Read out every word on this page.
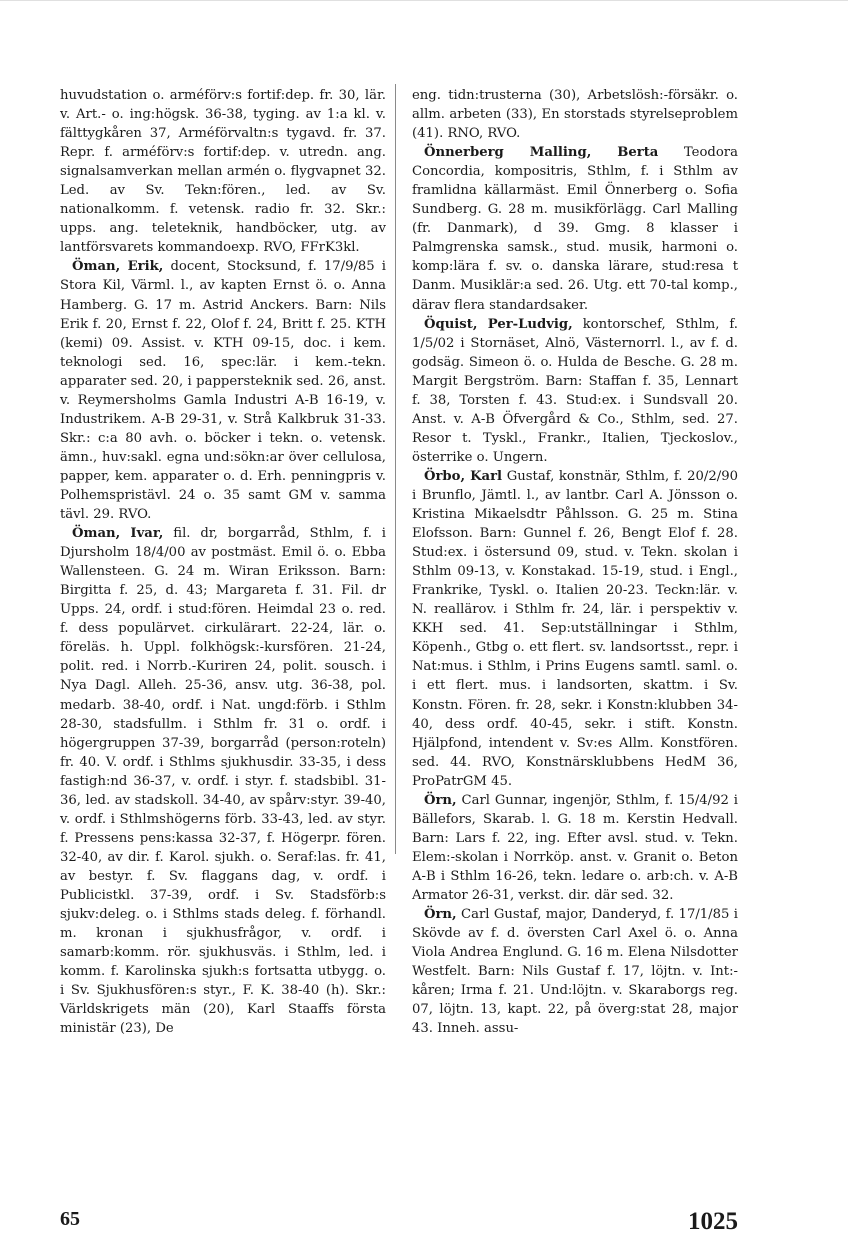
huvudstation o. arméförv:s fortif:dep. fr. 30, lär. v. Art.- o. ing:högsk. 36-38, tyging. av 1:a kl. v. fälttygkåren 37, Arméförvaltn:s tygavd. fr. 37. Repr. f. arméförv:s fortif:dep. v. utredn. ang. signalsamverkan mellan armén o. flygvapnet 32. Led. av Sv. Tekn:fören., led. av Sv. nationalkomm. f. vetensk. radio fr. 32. Skr.: upps. ang. teleteknik, handböcker, utg. av lantförsvarets kommandoexp. RVO, FFrK3kl.

Öman, Erik, docent, Stocksund, f. 17/9/85 i Stora Kil, Värml. l., av kapten Ernst ö. o. Anna Hamberg. G. 17 m. Astrid Anckers. Barn: Nils Erik f. 20, Ernst f. 22, Olof f. 24, Britt f. 25. KTH (kemi) 09. Assist. v. KTH 09-15, doc. i kem. teknologi sed. 16, spec:lär. i kem.-tekn. apparater sed. 20, i pappersteknik sed. 26, anst. v. Reymersholms Gamla Industri A-B 16-19, v. Industrikem. A-B 29-31, v. Strå Kalkbruk 31-33. Skr.: c:a 80 avh. o. böcker i tekn. o. vetensk. ämn., huv:sakl. egna und:sökn:ar över cellulosa, papper, kem. apparater o. d. Erh. penningpris v. Polhemspristävl. 24 o. 35 samt GM v. samma tävl. 29. RVO.

Öman, Ivar, fil. dr, borgarråd, Sthlm, f. i Djursholm 18/4/00 av postmäst. Emil ö. o. Ebba Wallensteen. G. 24 m. Wiran Eriksson. Barn: Birgitta f. 25, d. 43; Margareta f. 31. Fil. dr Upps. 24, ordf. i stud:fören. Heimdal 23 o. red. f. dess populärvet. cirkulärart. 22-24, lär. o. föreläs. h. Uppl. folkhögsk:-kursfören. 21-24, polit. red. i Norrb.-Kuriren 24, polit. sousch. i Nya Dagl. Alleh. 25-36, ansv. utg. 36-38, pol. medarb. 38-40, ordf. i Nat. ungd:förb. i Sthlm 28-30, stadsfullm. i Sthlm fr. 31 o. ordf. i högergruppen 37-39, borgarråd (person:roteln) fr. 40. V. ordf. i Sthlms sjukhusdir. 33-35, i dess fastigh:nd 36-37, v. ordf. i styr. f. stadsbibl. 31-36, led. av stadskoll. 34-40, av spårv:styr. 39-40, v. ordf. i Sthlmshögerns förb. 33-43, led. av styr. f. Pressens pens:kassa 32-37, f. Högerpr. fören. 32-40, av dir. f. Karol. sjukh. o. Seraf:las. fr. 41, av bestyr. f. Sv. flaggans dag, v. ordf. i Publicistkl. 37-39, ordf. i Sv. Stadsförb:s sjukv:deleg. o. i Sthlms stads deleg. f. förhandl. m. kronan i sjukhusfrågor, v. ordf. i samarb:komm. rör. sjukhusväs. i Sthlm, led. i komm. f. Karolinska sjukh:s fortsatta utbygg. o. i Sv. Sjukhusfören:s styr., F. K. 38-40 (h). Skr.: Världskrigets män (20), Karl Staaffs första ministär (23), De

eng. tidn:trusterna (30), Arbetslösh:-försäkr. o. allm. arbeten (33), En storstads styrelseproblem (41). RNO, RVO.

Önnerberg Malling, Berta Teodora Concordia, kompositris, Sthlm, f. i Sthlm av framlidna källarmäst. Emil Önnerberg o. Sofia Sundberg. G. 28 m. musikförlägg. Carl Malling (fr. Danmark), d 39. Gmg. 8 klasser i Palmgrenska samsk., stud. musik, harmoni o. komp:lära f. sv. o. danska lärare, stud:resa t Danm. Musiklär:a sed. 26. Utg. ett 70-tal komp., därav flera standardsaker.

Öquist, Per-Ludvig, kontorschef, Sthlm, f. 1/5/02 i Stornäset, Alnö, Västernorrl. l., av f. d. godsäg. Simeon ö. o. Hulda de Besche. G. 28 m. Margit Bergström. Barn: Staffan f. 35, Lennart f. 38, Torsten f. 43. Stud:ex. i Sundsvall 20. Anst. v. A-B Öfvergård & Co., Sthlm, sed. 27. Resor t. Tyskl., Frankr., Italien, Tjeckoslov., österrike o. Ungern.

Örbo, Karl Gustaf, konstnär, Sthlm, f. 20/2/90 i Brunflo, Jämtl. l., av lantbr. Carl A. Jönsson o. Kristina Mikaelsdtr Påhlsson. G. 25 m. Stina Elofsson. Barn: Gunnel f. 26, Bengt Elof f. 28. Stud:ex. i östersund 09, stud. v. Tekn. skolan i Sthlm 09-13, v. Konstakad. 15-19, stud. i Engl., Frankrike, Tyskl. o. Italien 20-23. Teckn:lär. v. N. reallärov. i Sthlm fr. 24, lär. i perspektiv v. KKH sed. 41. Sep:utställningar i Sthlm, Köpenh., Gtbg o. ett flert. sv. landsortsst., repr. i Nat:mus. i Sthlm, i Prins Eugens samtl. saml. o. i ett flert. mus. i landsorten, skattm. i Sv. Konstn. Fören. fr. 28, sekr. i Konstn:klubben 34-40, dess ordf. 40-45, sekr. i stift. Konstn. Hjälpfond, intendent v. Sv:es Allm. Konstfören. sed. 44. RVO, Konstnärsklubbens HedM 36, ProPatrGM 45.

Örn, Carl Gunnar, ingenjör, Sthlm, f. 15/4/92 i Bällefors, Skarab. l. G. 18 m. Kerstin Hedvall. Barn: Lars f. 22, ing. Efter avsl. stud. v. Tekn. Elem:-skolan i Norrköp. anst. v. Granit o. Beton A-B i Sthlm 16-26, tekn. ledare o. arb:ch. v. A-B Armator 26-31, verkst. dir. där sed. 32.

Örn, Carl Gustaf, major, Danderyd, f. 17/1/85 i Skövde av f. d. översten Carl Axel ö. o. Anna Viola Andrea Englund. G. 16 m. Elena Nilsdotter Westfelt. Barn: Nils Gustaf f. 17, löjtn. v. Int:-kåren; Irma f. 21. Und:löjtn. v. Skaraborgs reg. 07, löjtn. 13, kapt. 22, på överg:stat 28, major 43. Inneh. assu-

65	1025
